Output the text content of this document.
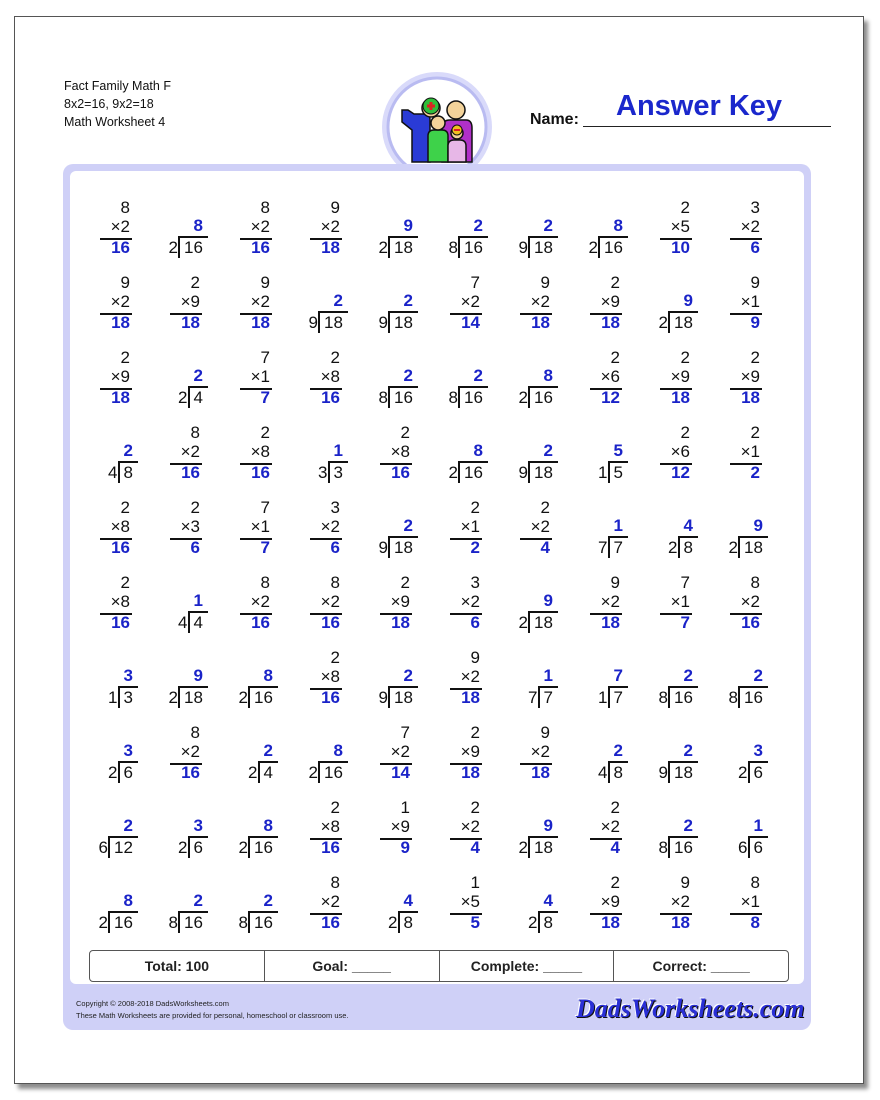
Fact Family Math F
8x2=16, 9x2=18
Math Worksheet 4	Name: Answer Key
8
×2
16
8
2 16
8
×2
16
9
×2
18
9
2 18
2
8 16
2
9 18
8
2 16
2
×5
10
3
×2
6
9
×2
18
2
×9
18
9
×2
18
2
9 18
2
9 18
7
×2
14
9
×2
18
2
×9
18
9
2 18
9
×1
9
2
×9
18
2
2 4
7
×1
7
2
×8
16
2
8 16
2
8 16
8
2 16
2
×6
12
2
×9
18
2
×9
18
2
4 8
8
×2
16
2
×8
16
1
3 3
2
×8
16
8
2 16
2
9 18
5
1 5
2
×6
12
2
×1
2
2
×8
16
2
×3
6
7
×1
7
3
×2
6
2
9 18
2
×1
2
2
×2
4
1
7 7
4
2 8
9
2 18
2
×8
16
1
4 4
8
×2
16
8
×2
16
2
×9
18
3
×2
6
9
2 18
9
×2
18
7
×1
7
8
×2
16
3
1 3
9
2 18
8
2 16
2
×8
16
2
9 18
9
×2
18
1
7 7
7
1 7
2
8 16
2
8 16
3
2 6
8
×2
16
2
2 4
8
2 16
7
×2
14
2
×9
18
9
×2
18
2
4 8
2
9 18
3
2 6
2
6 12
3
2 6
8
2 16
2
×8
16
1
×9
9
2
×2
4
9
2 18
2
×2
4
2
8 16
1
6 6
8
2 16
2
8 16
2
8 16
8
×2
16
4
2 8
1
×5
5
4
2 8
2
×9
18
9
×2
18
8
×1
8
Total: 100	Goal: _____	Complete: _____	Correct: _____
Copyright © 2008-2018 DadsWorksheets.com
These Math Worksheets are provided for personal, homeschool or classroom use.	DadsWorksheets.com
